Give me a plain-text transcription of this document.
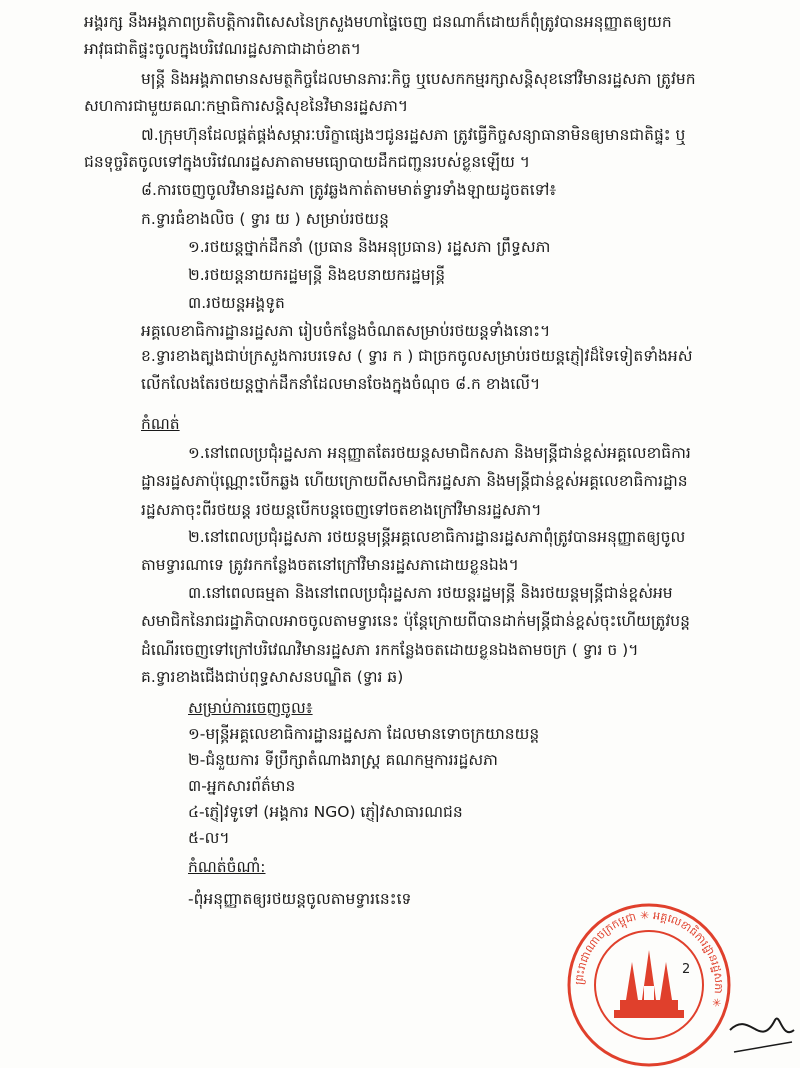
អង្គរក្ស នឹងអង្គភាពប្រតិបត្តិការពិសេសនៃក្រសួងមហាផ្ទៃចេញ ជនណាក៏ដោយក៏ពុំត្រូវបានអនុញ្ញាតឲ្យយក
អាវុធជាតិផ្ទុះចូលក្នុងបរិវេណរដ្ឋសភាជាដាច់ខាត។
មន្ត្រី និងអង្គភាពមានសមត្ថកិច្ចដែលមានភារៈកិច្ច ឬបេសកកម្មរក្សាសន្តិសុខនៅវិមានរដ្ឋសភា ត្រូវមក
សហការជាមួយគណៈកម្មាធិការសន្តិសុខនៃវិមានរដ្ឋសភា។
៧.ក្រុមហ៊ុនដែលផ្គត់ផ្គង់សម្ភារៈបរិក្ខាផ្សេងៗជូនរដ្ឋសភា ត្រូវធ្វើកិច្ចសន្យាធានាមិនឲ្យមានជាតិផ្ទុះ ឬ
ជនទុច្ចរិតចូលទៅក្នុងបរិវេណរដ្ឋសភាតាមមធ្យោបាយដឹកជញ្ជូនរបស់ខ្លួនឡើយ ។
៨.ការចេញចូលវិមានរដ្ឋសភា ត្រូវឆ្លងកាត់តាមមាត់ទ្វារទាំងឡាយដូចតទៅ៖
ក.ទ្វារធំខាងលិច ( ទ្វារ យ ) សម្រាប់រថយន្ត
១.រថយន្តថ្នាក់ដឹកនាំ (ប្រធាន និងអនុប្រធាន) រដ្ឋសភា ព្រឹទ្ធសភា
២.រថយន្តនាយករដ្ឋមន្ត្រី និងឧបនាយករដ្ឋមន្ត្រី
៣.រថយន្តអង្គទូត
អគ្គលេខាធិការដ្ឋានរដ្ឋសភា រៀបចំកន្លែងចំណតសម្រាប់រថយន្តទាំងនោះ។
ខ.ទ្វារខាងត្បូងជាប់ក្រសួងការបរទេស ( ទ្វារ ក ) ជាច្រកចូលសម្រាប់រថយន្តភ្ញៀវដ៏ទៃទៀតទាំងអស់
លើកលែងតែរថយន្តថ្នាក់ដឹកនាំដែលមានចែងក្នុងចំណុច ៨.ក ខាងលើ។
កំណត់
១.នៅពេលប្រជុំរដ្ឋសភា អនុញ្ញាតតែរថយន្តសមាជិកសភា និងមន្ត្រីជាន់ខ្ពស់អគ្គលេខាធិការ
ដ្ឋានរដ្ឋសភាប៉ុណ្ណោះបើកឆ្លង ហើយក្រោយពីសមាជិករដ្ឋសភា និងមន្ត្រីជាន់ខ្ពស់អគ្គលេខាធិការដ្ឋាន
រដ្ឋសភាចុះពីរថយន្ត រថយន្តបើកបន្តចេញទៅចតខាងក្រៅវិមានរដ្ឋសភា។
២.នៅពេលប្រជុំរដ្ឋសភា រថយន្តមន្ត្រីអគ្គលេខាធិការដ្ឋានរដ្ឋសភាពុំត្រូវបានអនុញ្ញាតឲ្យចូល
តាមទ្វារណាទេ ត្រូវរកកន្លែងចតនៅក្រៅវិមានរដ្ឋសភាដោយខ្លួនឯង។
៣.នៅពេលធម្មតា និងនៅពេលប្រជុំរដ្ឋសភា រថយន្តរដ្ឋមន្ត្រី និងរថយន្តមន្ត្រីជាន់ខ្ពស់អម
សមាជិកនៃរាជរដ្ឋាភិបាលអាចចូលតាមទ្វារនេះ ប៉ុន្តែក្រោយពីបានដាក់មន្ត្រីជាន់ខ្ពស់ចុះហើយត្រូវបន្ត
ដំណើរចេញទៅក្រៅបរិវេណវិមានរដ្ឋសភា រកកន្លែងចតដោយខ្លួនឯងតាមចក្រ ( ទ្វារ ច )។
គ.ទ្វារខាងជើងជាប់ពុទ្ធសាសនបណ្ឌិត (ទ្វារ ឆ)
សម្រាប់ការចេញចូល៖
១-មន្ត្រីអគ្គលេខាធិការដ្ឋានរដ្ឋសភា ដែលមានទោចក្រយានយន្ត
២-ជំនួយការ ទីប្រឹក្សាតំណាងរាស្ត្រ គណកម្មការរដ្ឋសភា
៣-អ្នកសារព័ត៌មាន
៤-ភ្ញៀវទូទៅ (អង្គការ NGO) ភ្ញៀវសាធារណជន
៥-ល។
កំណត់ចំណាំ:
-ពុំអនុញ្ញាតឲ្យរថយន្តចូលតាមទ្វារនេះទេ
ព្រះរាជាណាចក្រកម្ពុជា ✳ អគ្គលេខាធិការដ្ឋានរដ្ឋសភា ✳
2
